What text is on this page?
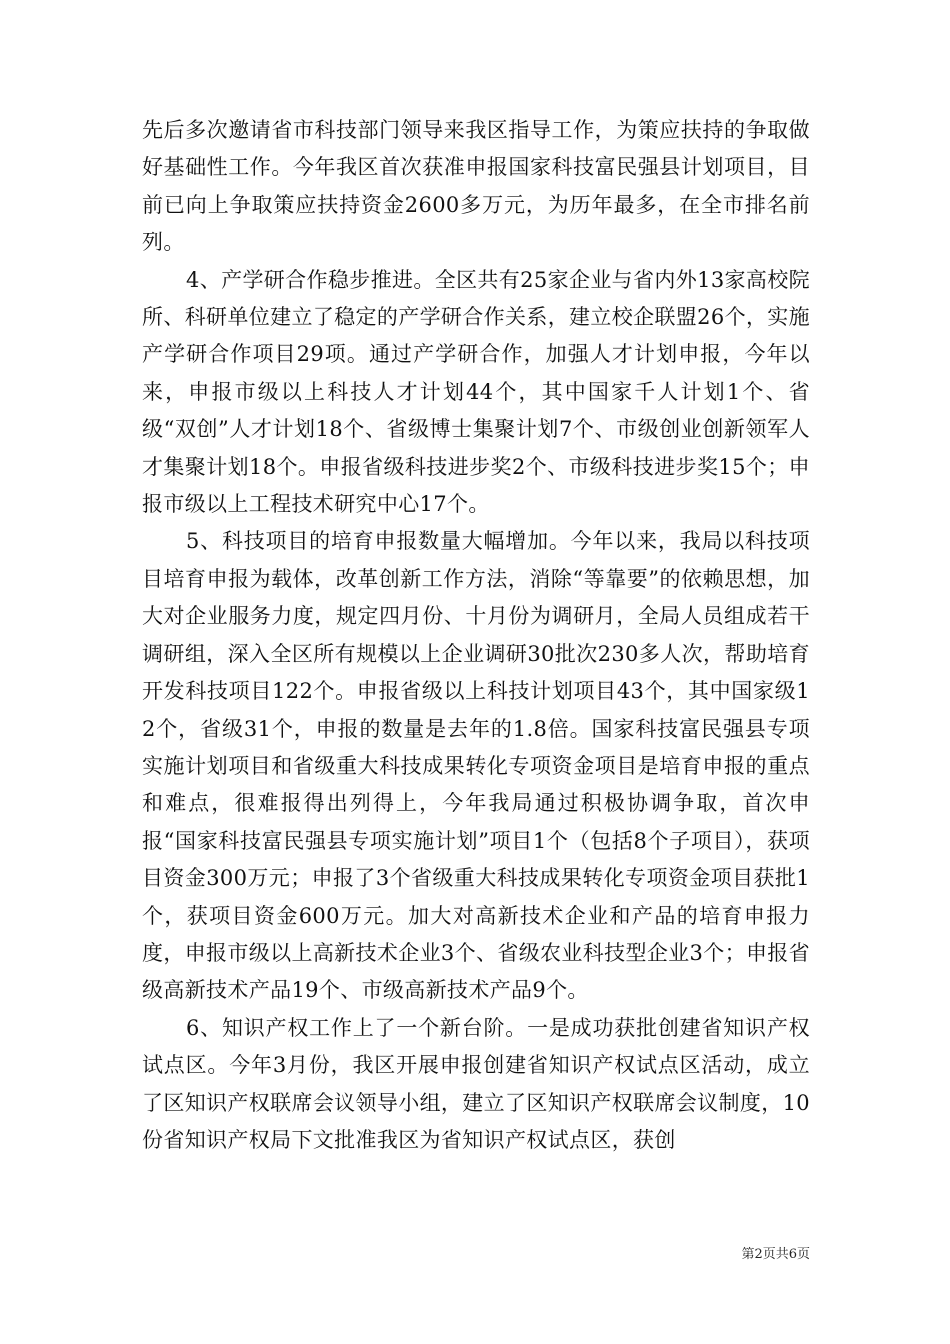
先后多次邀请省市科技部门领导来我区指导工作，为策应扶持的争取做好基础性工作。今年我区首次获准申报国家科技富民强县计划项目，目前已向上争取策应扶持资金2600多万元，为历年最多，在全市排名前列。

4、产学研合作稳步推进。全区共有25家企业与省内外13家高校院所、科研单位建立了稳定的产学研合作关系，建立校企联盟26个，实施产学研合作项目29项。通过产学研合作，加强人才计划申报，今年以来，申报市级以上科技人才计划44个，其中国家千人计划1个、省级“双创”人才计划18个、省级博士集聚计划7个、市级创业创新领军人才集聚计划18个。申报省级科技进步奖2个、市级科技进步奖15个；申报市级以上工程技术研究中心17个。

5、科技项目的培育申报数量大幅增加。今年以来，我局以科技项目培育申报为载体，改革创新工作方法，消除“等靠要”的依赖思想，加大对企业服务力度，规定四月份、十月份为调研月，全局人员组成若干调研组，深入全区所有规模以上企业调研30批次230多人次，帮助培育开发科技项目122个。申报省级以上科技计划项目43个，其中国家级12个，省级31个，申报的数量是去年的1.8倍。国家科技富民强县专项实施计划项目和省级重大科技成果转化专项资金项目是培育申报的重点和难点，很难报得出列得上，今年我局通过积极协调争取，首次申报“国家科技富民强县专项实施计划”项目1个（包括8个子项目），获项目资金300万元；申报了3个省级重大科技成果转化专项资金项目获批1个，获项目资金600万元。加大对高新技术企业和产品的培育申报力度，申报市级以上高新技术企业3个、省级农业科技型企业3个；申报省级高新技术产品19个、市级高新技术产品9个。

6、知识产权工作上了一个新台阶。一是成功获批创建省知识产权试点区。今年3月份，我区开展申报创建省知识产权试点区活动，成立了区知识产权联席会议领导小组，建立了区知识产权联席会议制度，10份省知识产权局下文批准我区为省知识产权试点区，获创

第2页共6页
